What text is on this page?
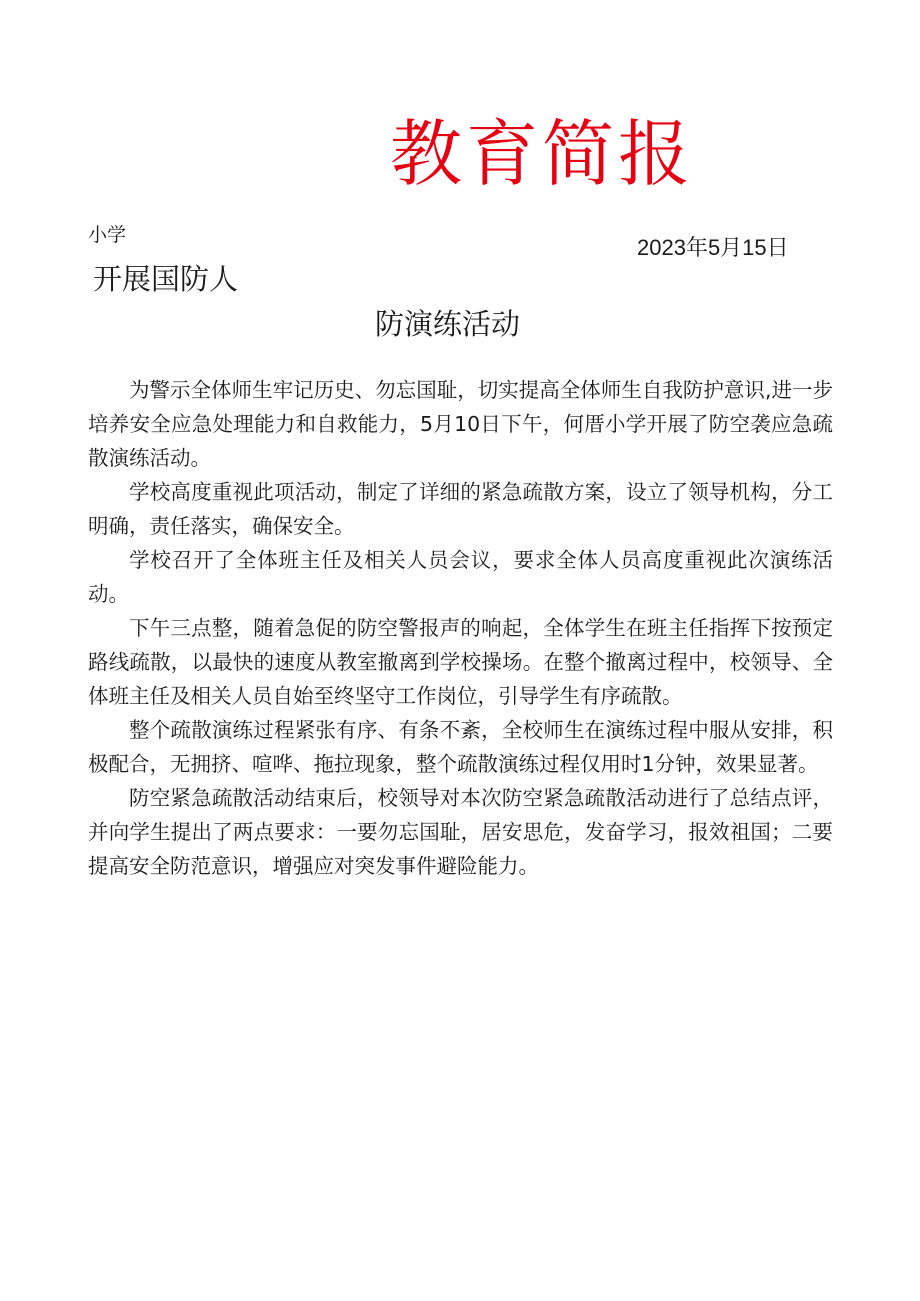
教育简报
小学	2023年5月15日
开展国防人
防演练活动

为警示全体师生牢记历史、勿忘国耻，切实提高全体师生自我防护意识,进一步培养安全应急处理能力和自救能力，5月10日下午，何厝小学开展了防空袭应急疏散演练活动。

学校高度重视此项活动，制定了详细的紧急疏散方案，设立了领导机构，分工明确，责任落实，确保安全。

学校召开了全体班主任及相关人员会议，要求全体人员高度重视此次演练活动。

下午三点整，随着急促的防空警报声的响起，全体学生在班主任指挥下按预定路线疏散，以最快的速度从教室撤离到学校操场。在整个撤离过程中，校领导、全体班主任及相关人员自始至终坚守工作岗位，引导学生有序疏散。

整个疏散演练过程紧张有序、有条不紊，全校师生在演练过程中服从安排，积极配合，无拥挤、喧哗、拖拉现象，整个疏散演练过程仅用时1分钟，效果显著。

防空紧急疏散活动结束后，校领导对本次防空紧急疏散活动进行了总结点评，并向学生提出了两点要求：一要勿忘国耻，居安思危，发奋学习，报效祖国；二要提高安全防范意识，增强应对突发事件避险能力。
